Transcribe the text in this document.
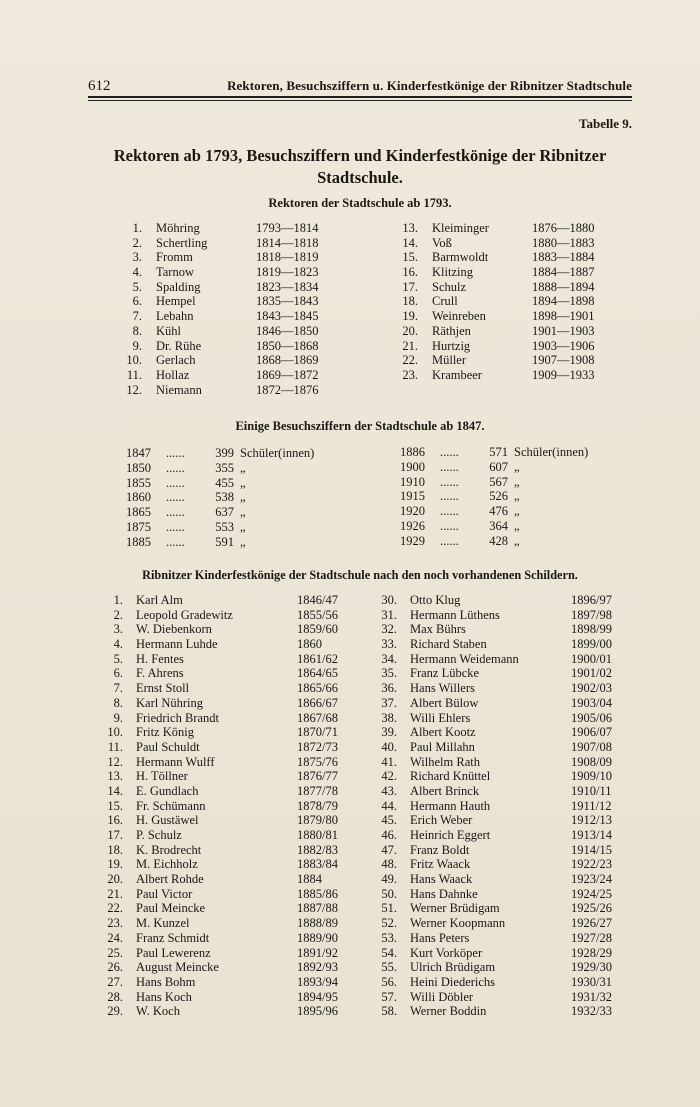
612	Rektoren, Besuchsziffern u. Kinderfestkönige der Ribnitzer Stadtschule
Tabelle 9.
Rektoren ab 1793, Besuchsziffern und Kinderfestkönige der Ribnitzer
Stadtschule.
Rektoren der Stadtschule ab 1793.
1. Möhring	1793—1814
2. Schertling	1814—1818
3. Fromm	1818—1819
4. Tarnow	1819—1823
5. Spalding	1823—1834
6. Hempel	1835—1843
7. Lebahn	1843—1845
8. Kühl	1846—1850
9. Dr. Rühe	1850—1868
10. Gerlach	1868—1869
11. Hollaz	1869—1872
12. Niemann	1872—1876
13. Kleiminger	1876—1880
14. Voß	1880—1883
15. Barmwoldt	1883—1884
16. Klitzing	1884—1887
17. Schulz	1888—1894
18. Crull	1894—1898
19. Weinreben	1898—1901
20. Räthjen	1901—1903
21. Hurtzig	1903—1906
22. Müller	1907—1908
23. Krambeer	1909—1933
Einige Besuchsziffern der Stadtschule ab 1847.
1847 ...... 399 Schüler(innen)
1850 ...... 355 „
1855 ...... 455 „
1860 ...... 538 „
1865 ...... 637 „
1875 ...... 553 „
1885 ...... 591 „
1886 ...... 571 Schüler(innen)
1900 ...... 607 „
1910 ...... 567 „
1915 ...... 526 „
1920 ...... 476 „
1926 ...... 364 „
1929 ...... 428 „
Ribnitzer Kinderfestkönige der Stadtschule nach den noch vorhandenen Schildern.
1. Karl Alm	1846/47
2. Leopold Gradewitz	1855/56
3. W. Diebenkorn	1859/60
4. Hermann Luhde	1860
5. H. Fentes	1861/62
6. F. Ahrens	1864/65
7. Ernst Stoll	1865/66
8. Karl Nühring	1866/67
9. Friedrich Brandt	1867/68
10. Fritz König	1870/71
11. Paul Schuldt	1872/73
12. Hermann Wulff	1875/76
13. H. Töllner	1876/77
14. E. Gundlach	1877/78
15. Fr. Schümann	1878/79
16. H. Gustäwel	1879/80
17. P. Schulz	1880/81
18. K. Brodrecht	1882/83
19. M. Eichholz	1883/84
20. Albert Rohde	1884
21. Paul Victor	1885/86
22. Paul Meincke	1887/88
23. M. Kunzel	1888/89
24. Franz Schmidt	1889/90
25. Paul Lewerenz	1891/92
26. August Meincke	1892/93
27. Hans Bohm	1893/94
28. Hans Koch	1894/95
29. W. Koch	1895/96
30. Otto Klug	1896/97
31. Hermann Lüthens	1897/98
32. Max Bührs	1898/99
33. Richard Staben	1899/00
34. Hermann Weidemann	1900/01
35. Franz Lübcke	1901/02
36. Hans Willers	1902/03
37. Albert Bülow	1903/04
38. Willi Ehlers	1905/06
39. Albert Kootz	1906/07
40. Paul Millahn	1907/08
41. Wilhelm Rath	1908/09
42. Richard Knüttel	1909/10
43. Albert Brinck	1910/11
44. Hermann Hauth	1911/12
45. Erich Weber	1912/13
46. Heinrich Eggert	1913/14
47. Franz Boldt	1914/15
48. Fritz Waack	1922/23
49. Hans Waack	1923/24
50. Hans Dahnke	1924/25
51. Werner Brüdigam	1925/26
52. Werner Koopmann	1926/27
53. Hans Peters	1927/28
54. Kurt Vorköper	1928/29
55. Ulrich Brüdigam	1929/30
56. Heini Diederichs	1930/31
57. Willi Döbler	1931/32
58. Werner Boddin	1932/33
